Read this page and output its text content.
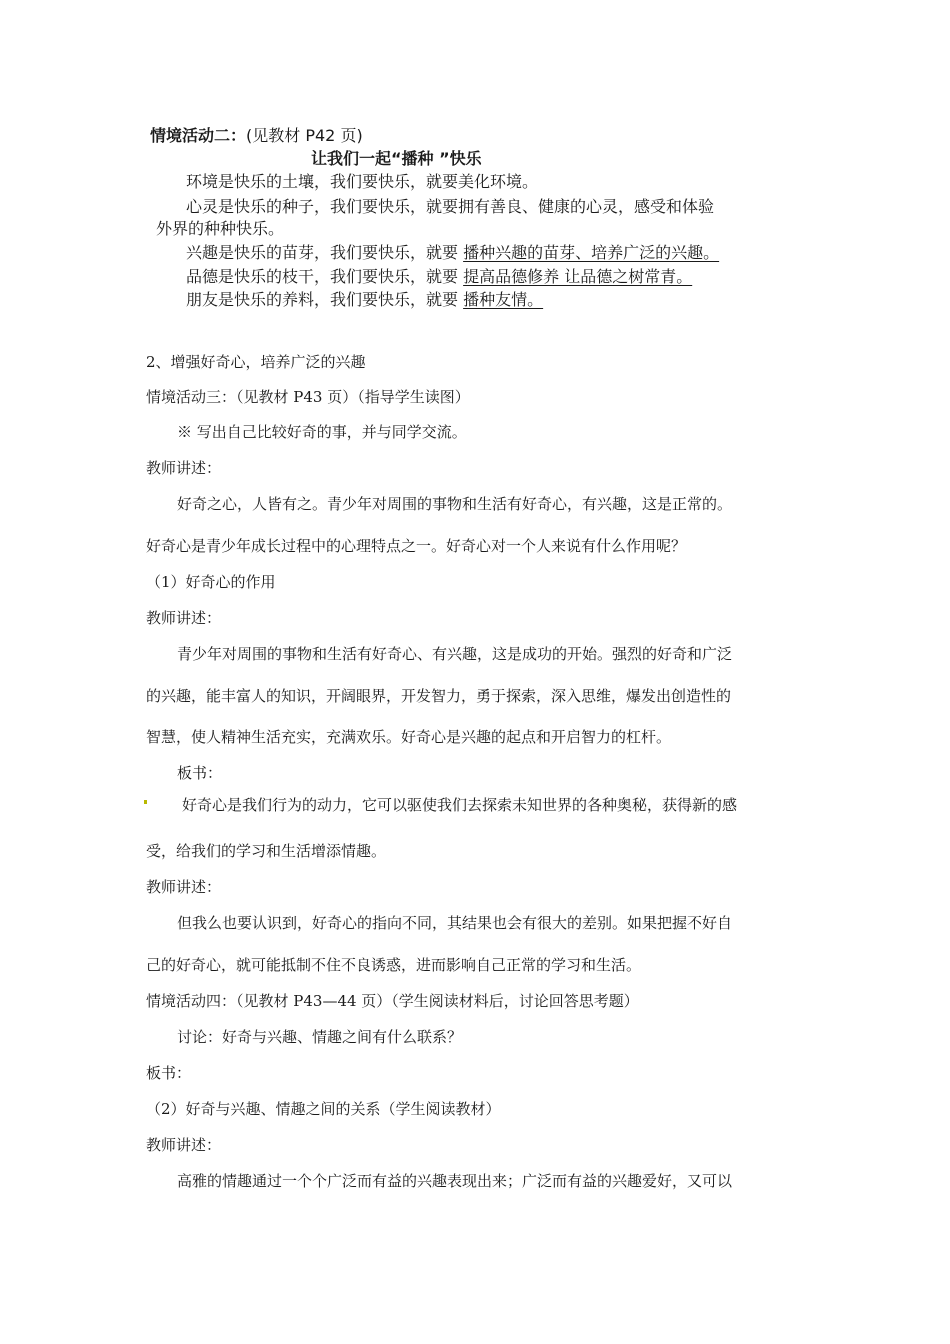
情境活动二：(见教材 P42 页)
让我们一起“播种 ”快乐
环境是快乐的土壤，我们要快乐，就要美化环境。
心灵是快乐的种子，我们要快乐，就要拥有善良、健康的心灵，感受和体验
外界的种种快乐。
兴趣是快乐的苗芽，我们要快乐，就要 播种兴趣的苗芽、培养广泛的兴趣。
品德是快乐的枝干，我们要快乐，就要 提高品德修养 让品德之树常青。
朋友是快乐的养料，我们要快乐，就要 播种友情。
2、增强好奇心，培养广泛的兴趣
情境活动三：（见教材 P43 页）（指导学生读图）
※ 写出自己比较好奇的事，并与同学交流。
教师讲述：
好奇之心，人皆有之。青少年对周围的事物和生活有好奇心，有兴趣，这是正常的。
好奇心是青少年成长过程中的心理特点之一。好奇心对一个人来说有什么作用呢？
（1）好奇心的作用
教师讲述：
青少年对周围的事物和生活有好奇心、有兴趣，这是成功的开始。强烈的好奇和广泛
的兴趣，能丰富人的知识，开阔眼界，开发智力，勇于探索，深入思维，爆发出创造性的
智慧，使人精神生活充实，充满欢乐。好奇心是兴趣的起点和开启智力的杠杆。
板书：
好奇心是我们行为的动力，它可以驱使我们去探索未知世界的各种奥秘，获得新的感
受，给我们的学习和生活增添情趣。
教师讲述：
但我么也要认识到，好奇心的指向不同，其结果也会有很大的差别。如果把握不好自
己的好奇心，就可能抵制不住不良诱惑，进而影响自己正常的学习和生活。
情境活动四：（见教材 P43—44 页）（学生阅读材料后，讨论回答思考题）
讨论：好奇与兴趣、情趣之间有什么联系？
板书：
（2）好奇与兴趣、情趣之间的关系（学生阅读教材）
教师讲述：
高雅的情趣通过一个个广泛而有益的兴趣表现出来；广泛而有益的兴趣爱好，又可以
